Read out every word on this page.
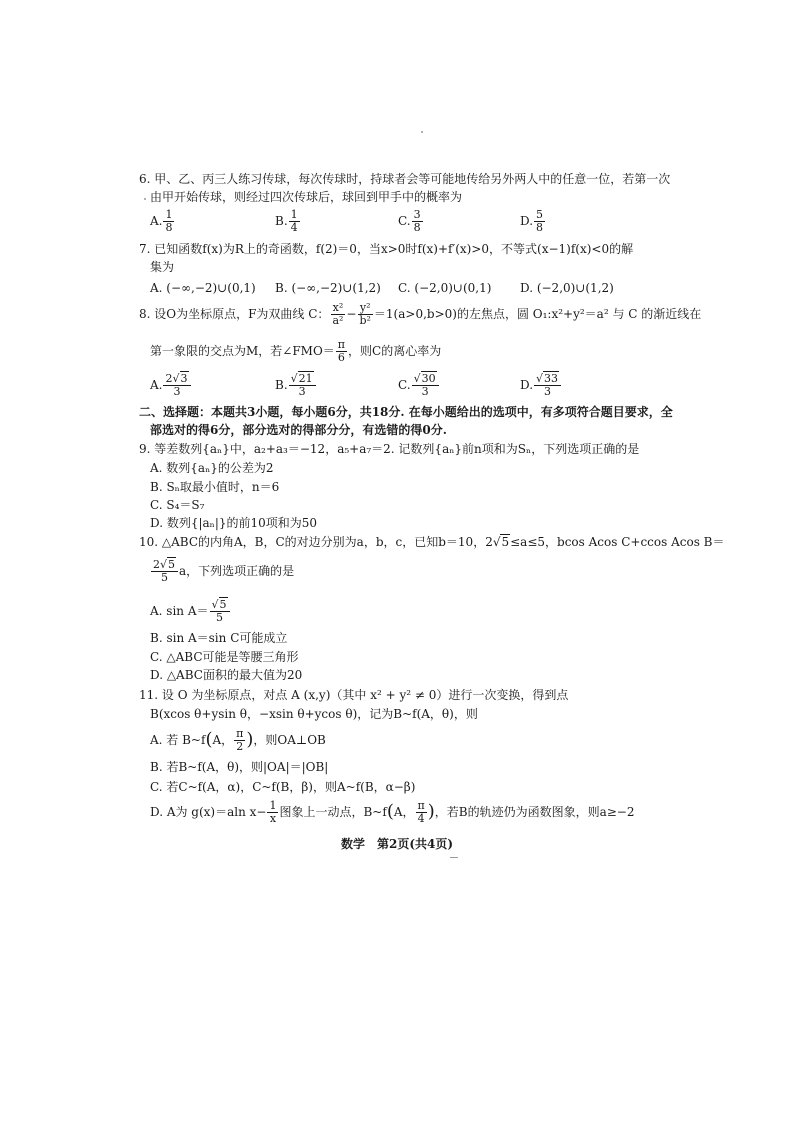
6. 甲、乙、丙三人练习传球，每次传球时，持球者会等可能地传给另外两人中的任意一位，若第一次
由甲开始传球，则经过四次传球后，球回到甲手中的概率为
A. $\frac{1}{8}$	B. $\frac{1}{4}$	C. $\frac{3}{8}$	D. $\frac{5}{8}$
7. 已知函数f(x)为R上的奇函数，f(2)＝0，当x>0时f(x)+f′(x)>0，不等式(x−1)f(x)<0的解
集为
A. (−∞,−2)∪(0,1) B. (−∞,−2)∪(1,2) C. (−2,0)∪(0,1) D. (−2,0)∪(1,2)
8. 设O为坐标原点，F为双曲线 C： $\frac{\text{x²}}{\text{a²}} - \frac{\text{y²}}{\text{b²}} =1(a>0,b>0)$的左焦点，圆 O₁:x²+y²＝a² 与 C 的渐近线在
第一象限的交点为M，若∠FMO＝ $\frac{\pi}{6}$ ，则C的离心率为
A. $\frac{2√3}{3}$	B. $\frac{√21}{3}$	C. $\frac{√30}{3}$	D. $\frac{√33}{3}$
二、选择题：本题共3小题，每小题6分，共18分. 在每小题给出的选项中，有多项符合题目要求，全
部选对的得6分，部分选对的得部分分，有选错的得0分.
9. 等差数列{aₙ}中，a₂+a₃＝−12，a₅+a₇＝2. 记数列{aₙ}前n项和为Sₙ，下列选项正确的是
A. 数列{aₙ}的公差为2
B. Sₙ取最小值时，n＝6
C. S₄＝S₇
D. 数列{|aₙ|}的前10项和为50
10. △ABC的内角A，B，C的对边分别为a，b，c，已知b＝10，2√5≤a≤5，bcos Acos C+ccos Acos B＝
$\frac{2√5}{5}$ a，下列选项正确的是
A. $\sin A= \frac{√5}{5}$
B. sin A＝sin C可能成立
C. △ABC可能是等腰三角形
D. △ABC面积的最大值为20
11. 设 O 为坐标原点，对点 A (x,y)（其中 x² + y² ≠ 0）进行一次变换，得到点
B(xcos θ+ysin θ，−xsin θ+ycos θ)，记为B~f(A，θ)，则
A. 若 B~f ( A， $\frac{\pi}{2}$ ) ，则OA⊥OB
B. 若B~f(A，θ)，则|OA|＝|OB|
C. 若C~f(A，α)，C~f(B，β)，则A~f(B，α−β)
D. A为 g(x)＝aln $x- \frac{1}{x}$ 图象上一动点，B~f ( A， $\frac{\pi}{4}$ ) ，若B的轨迹仍为函数图象，则a≥−2
数学　第2页(共4页)
